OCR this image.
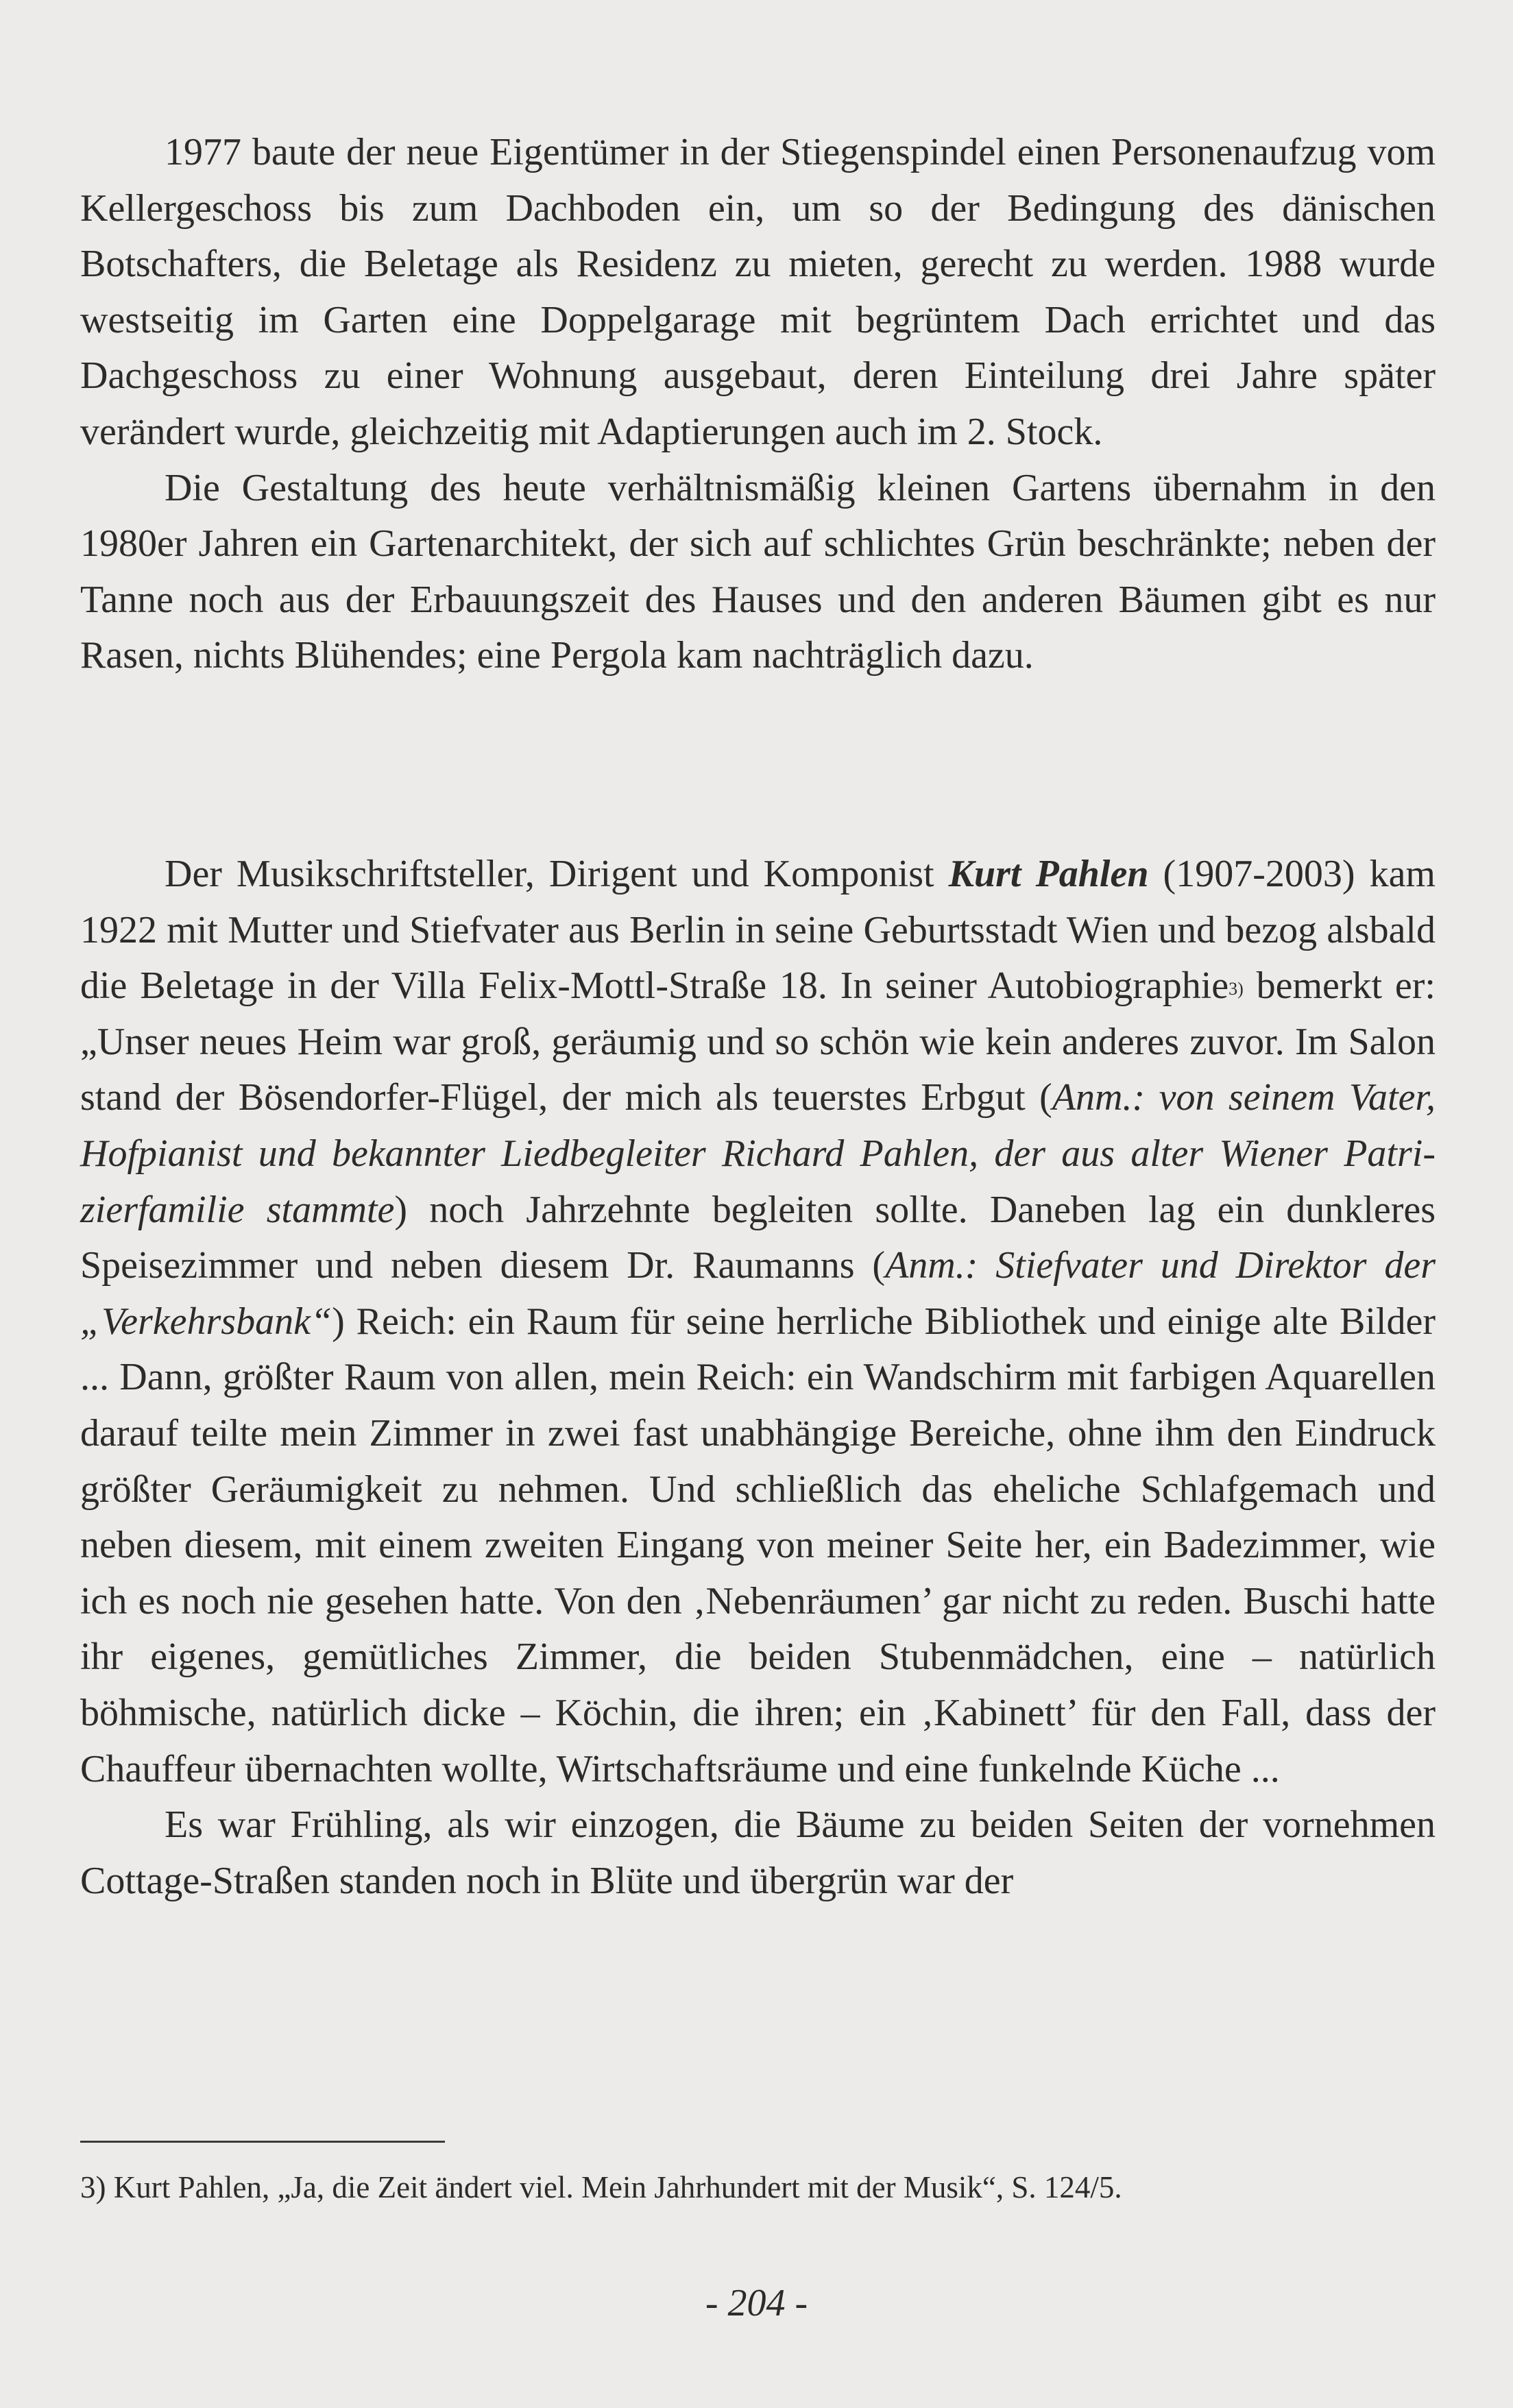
1977 baute der neue Eigentümer in der Stiegenspindel einen Personenaufzug vom Kellergeschoss bis zum Dachboden ein, um so der Bedingung des dänischen Botschafters, die Beletage als Residenz zu mieten, gerecht zu werden. 1988 wurde westseitig im Garten eine Doppelgarage mit begrüntem Dach errichtet und das Dachgeschoss zu einer Wohnung ausgebaut, deren Einteilung drei Jahre später verändert wurde, gleichzeitig mit Adaptierungen auch im 2. Stock.

Die Gestaltung des heute verhältnismäßig kleinen Gartens übernahm in den 1980er Jahren ein Gartenarchitekt, der sich auf schlichtes Grün beschränkte; neben der Tanne noch aus der Erbauungszeit des Hauses und den anderen Bäumen gibt es nur Rasen, nichts Blühendes; eine Pergola kam nachträglich dazu.

Der Musikschriftsteller, Dirigent und Komponist Kurt Pahlen (1907-2003) kam 1922 mit Mutter und Stiefvater aus Berlin in seine Geburtsstadt Wien und bezog alsbald die Beletage in der Villa Felix-Mottl-Straße 18. In seiner Autobiographie$^{3)}$ bemerkt er: „Unser neues Heim war groß, geräumig und so schön wie kein anderes zuvor. Im Salon stand der Bösendorfer-Flügel, der mich als teuerstes Erbgut (Anm.: von seinem Vater, Hofpianist und bekannter Liedbegleiter Richard Pahlen, der aus alter Wiener Patrizierfamilie stammte) noch Jahrzehnte begleiten sollte. Daneben lag ein dunkleres Speisezimmer und neben diesem Dr. Raumanns (Anm.: Stiefvater und Direktor der „Verkehrsbank“) Reich: ein Raum für seine herrliche Bibliothek und einige alte Bilder ... Dann, größter Raum von allen, mein Reich: ein Wandschirm mit farbigen Aquarellen darauf teilte mein Zimmer in zwei fast unabhängige Bereiche, ohne ihm den Eindruck größter Geräumigkeit zu nehmen. Und schließlich das eheliche Schlafgemach und neben diesem, mit einem zweiten Eingang von meiner Seite her, ein Badezimmer, wie ich es noch nie gesehen hatte. Von den ‚Nebenräumen’ gar nicht zu reden. Buschi hatte ihr eigenes, gemütliches Zimmer, die beiden Stubenmädchen, eine – natürlich böhmische, natürlich dicke – Köchin, die ihren; ein ‚Kabinett’ für den Fall, dass der Chauffeur übernachten wollte, Wirtschaftsräume und eine funkelnde Küche ...

Es war Frühling, als wir einzogen, die Bäume zu beiden Seiten der vornehmen Cottage-Straßen standen noch in Blüte und übergrün war der

3) Kurt Pahlen, „Ja, die Zeit ändert viel. Mein Jahrhundert mit der Musik“, S. 124/5.
- 204 -
